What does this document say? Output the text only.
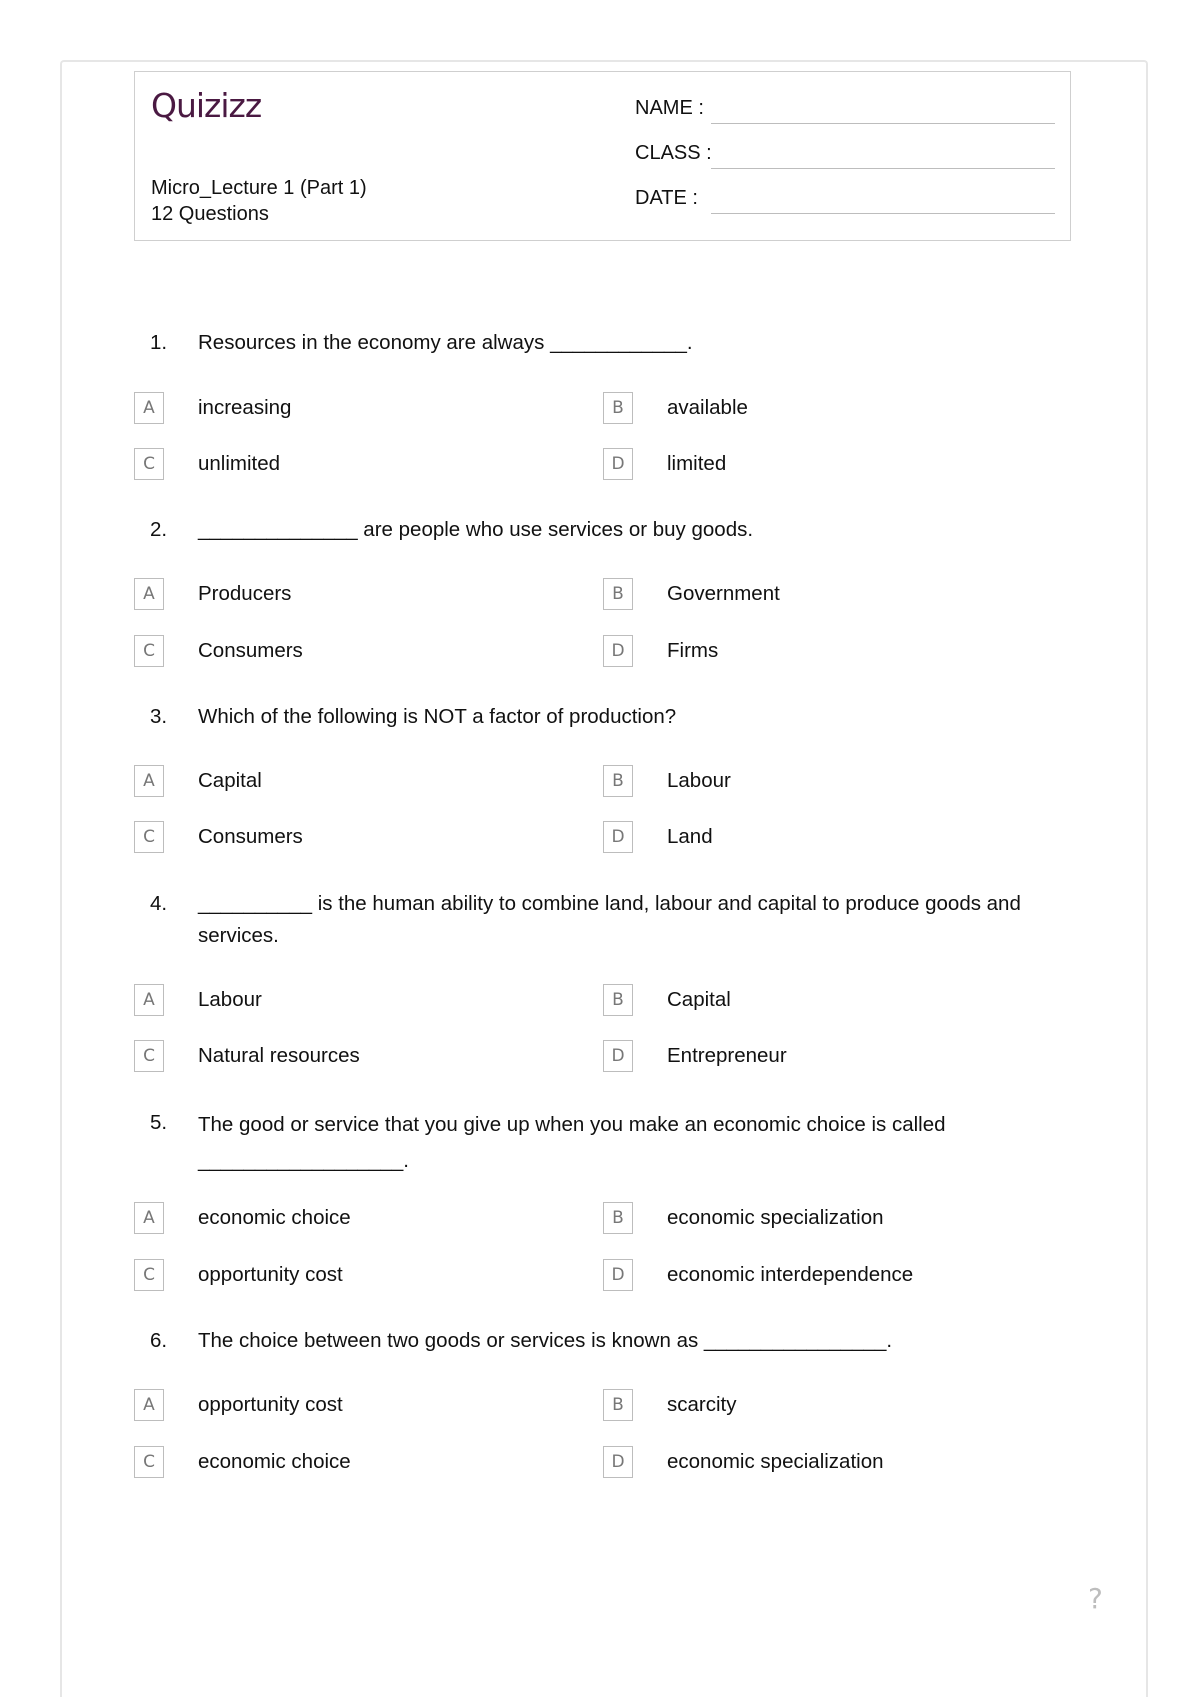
Quizizz
Micro_Lecture 1 (Part 1)
12 Questions
NAME :
CLASS :
DATE :
1.	Resources in the economy are always ____________.
A	increasing	B	available
C	unlimited	D	limited
2.	______________ are people who use services or buy goods.
A	Producers	B	Government
C	Consumers	D	Firms
3.	Which of the following is NOT a factor of production?
A	Capital	B	Labour
C	Consumers	D	Land
4.	__________ is the human ability to combine land, labour and capital to produce goods and services.
A	Labour	B	Capital
C	Natural resources	D	Entrepreneur
5.	The good or service that you give up when you make an economic choice is called __________________.
A	economic choice	B	economic specialization
C	opportunity cost	D	economic interdependence
6.	The choice between two goods or services is known as ________________.
A	opportunity cost	B	scarcity
C	economic choice	D	economic specialization
?
